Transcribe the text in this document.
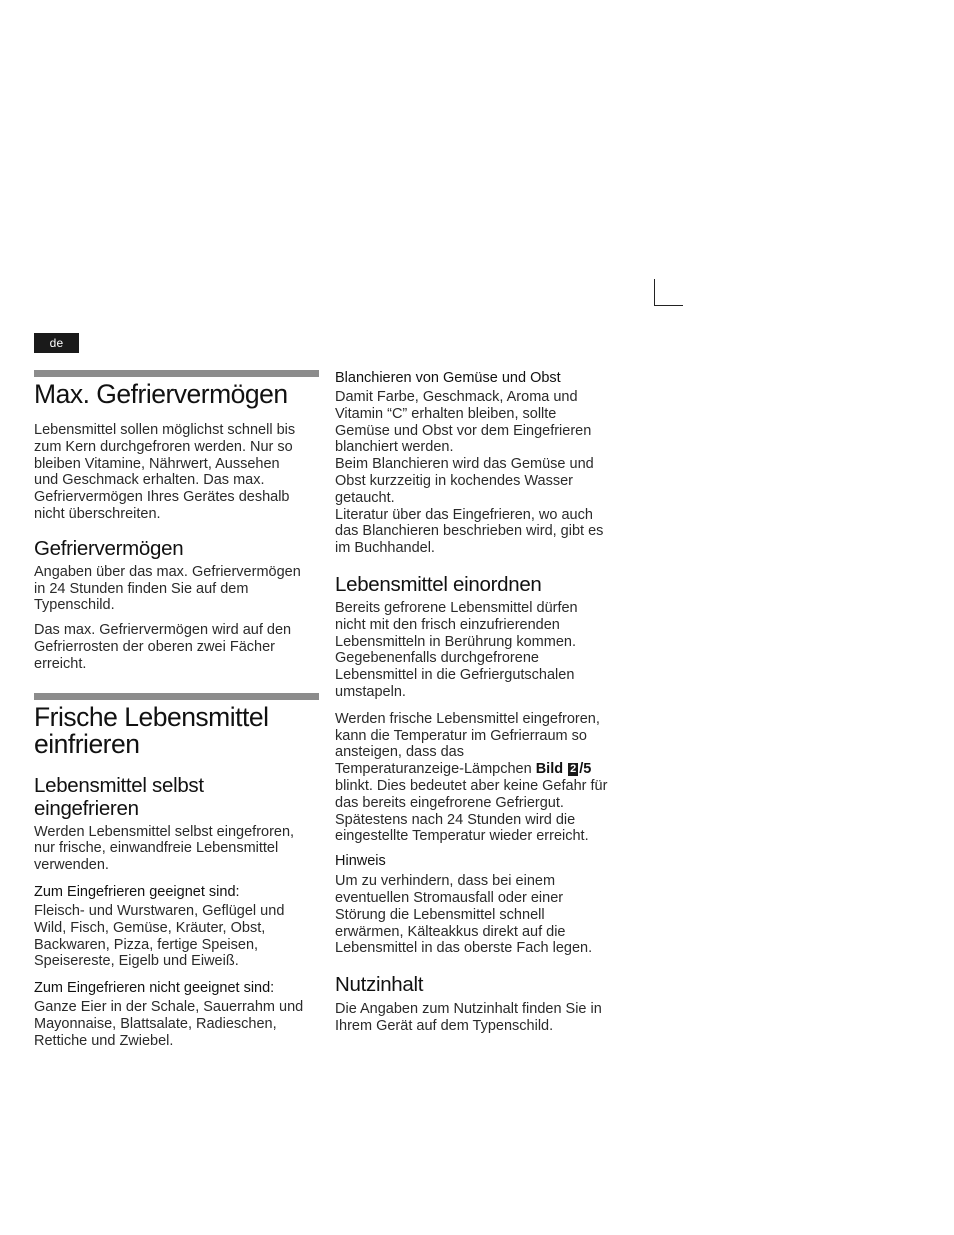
de
Max. Gefriervermögen

Lebensmittel sollen möglichst schnell bis
zum Kern durchgefroren werden. Nur so
bleiben Vitamine, Nährwert, Aussehen
und Geschmack erhalten. Das max.
Gefriervermögen Ihres Gerätes deshalb
nicht überschreiten.

Gefriervermögen

Angaben über das max. Gefriervermögen
in 24 Stunden finden Sie auf dem
Typenschild.

Das max. Gefriervermögen wird auf den
Gefrierrosten der oberen zwei Fächer
erreicht.

Frische Lebensmittel
einfrieren
Lebensmittel selbst
eingefrieren

Werden Lebensmittel selbst eingefroren,
nur frische, einwandfreie Lebensmittel
verwenden.

Zum Eingefrieren geeignet sind:

Fleisch- und Wurstwaren, Geflügel und
Wild, Fisch, Gemüse, Kräuter, Obst,
Backwaren, Pizza, fertige Speisen,
Speisereste, Eigelb und Eiweiß.

Zum Eingefrieren nicht geeignet sind:

Ganze Eier in der Schale, Sauerrahm und
Mayonnaise, Blattsalate, Radieschen,
Rettiche und Zwiebel.

Blanchieren von Gemüse und Obst

Damit Farbe, Geschmack, Aroma und
Vitamin “C” erhalten bleiben, sollte
Gemüse und Obst vor dem Eingefrieren
blanchiert werden.

Beim Blanchieren wird das Gemüse und
Obst kurzzeitig in kochendes Wasser
getaucht.

Literatur über das Eingefrieren, wo auch
das Blanchieren beschrieben wird, gibt es
im Buchhandel.

Lebensmittel einordnen

Bereits gefrorene Lebensmittel dürfen
nicht mit den frisch einzufrierenden
Lebensmitteln in Berührung kommen.
Gegebenenfalls durchgefrorene
Lebensmittel in die Gefriergutschalen
umstapeln.

Werden frische Lebensmittel eingefroren,
kann die Temperatur im Gefrierraum so
ansteigen, dass das
Temperaturanzeige-Lämpchen Bild 2 /5
blinkt. Dies bedeutet aber keine Gefahr für
das bereits eingefrorene Gefriergut.
Spätestens nach 24 Stunden wird die
eingestellte Temperatur wieder erreicht.

Hinweis

Um zu verhindern, dass bei einem
eventuellen Stromausfall oder einer
Störung die Lebensmittel schnell
erwärmen, Kälteakkus direkt auf die
Lebensmittel in das oberste Fach legen.

Nutzinhalt

Die Angaben zum Nutzinhalt finden Sie in
Ihrem Gerät auf dem Typenschild.
